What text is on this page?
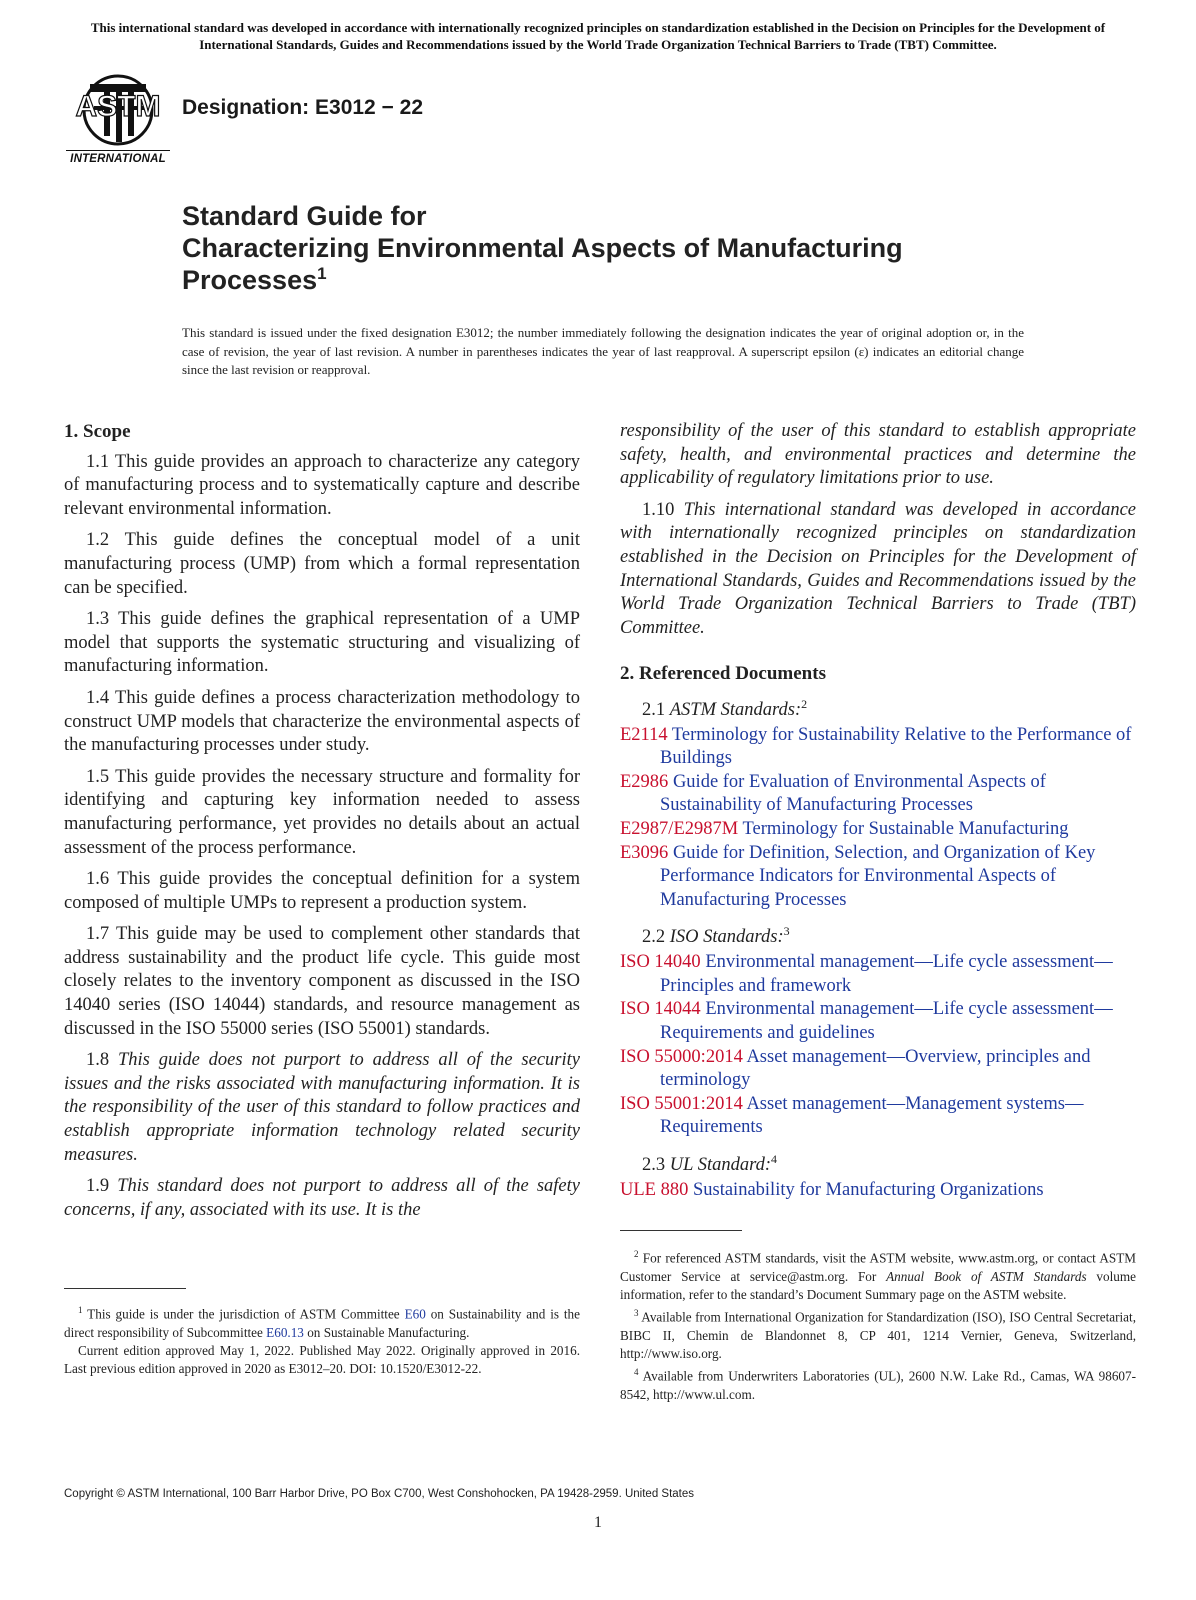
This international standard was developed in accordance with internationally recognized principles on standardization established in the Decision on Principles for the Development of International Standards, Guides and Recommendations issued by the World Trade Organization Technical Barriers to Trade (TBT) Committee.
ASTM
INTERNATIONAL
Designation: E3012 − 22
Standard Guide for
Characterizing Environmental Aspects of Manufacturing
Processes$^1$
This standard is issued under the fixed designation E3012; the number immediately following the designation indicates the year of original adoption or, in the case of revision, the year of last revision. A number in parentheses indicates the year of last reapproval. A superscript epsilon (ε) indicates an editorial change since the last revision or reapproval.
1. Scope

1.1 This guide provides an approach to characterize any category of manufacturing process and to systematically capture and describe relevant environmental information.

1.2 This guide defines the conceptual model of a unit manufacturing process (UMP) from which a formal representation can be specified.

1.3 This guide defines the graphical representation of a UMP model that supports the systematic structuring and visualizing of manufacturing information.

1.4 This guide defines a process characterization methodology to construct UMP models that characterize the environmental aspects of the manufacturing processes under study.

1.5 This guide provides the necessary structure and formality for identifying and capturing key information needed to assess manufacturing performance, yet provides no details about an actual assessment of the process performance.

1.6 This guide provides the conceptual definition for a system composed of multiple UMPs to represent a production system.

1.7 This guide may be used to complement other standards that address sustainability and the product life cycle. This guide most closely relates to the inventory component as discussed in the ISO 14040 series (ISO 14044) standards, and resource management as discussed in the ISO 55000 series (ISO 55001) standards.

1.8 This guide does not purport to address all of the security issues and the risks associated with manufacturing information. It is the responsibility of the user of this standard to follow practices and establish appropriate information technology related security measures.

1.9 This standard does not purport to address all of the safety concerns, if any, associated with its use. It is the

responsibility of the user of this standard to establish appropriate safety, health, and environmental practices and determine the applicability of regulatory limitations prior to use.

1.10 This international standard was developed in accordance with internationally recognized principles on standardization established in the Decision on Principles for the Development of International Standards, Guides and Recommendations issued by the World Trade Organization Technical Barriers to Trade (TBT) Committee.

2. Referenced Documents

2.1 ASTM Standards:$^2$

E2114 Terminology for Sustainability Relative to the Performance of Buildings

E2986 Guide for Evaluation of Environmental Aspects of Sustainability of Manufacturing Processes

E2987/E2987M Terminology for Sustainable Manufacturing

E3096 Guide for Definition, Selection, and Organization of Key Performance Indicators for Environmental Aspects of Manufacturing Processes

2.2 ISO Standards:$^3$

ISO 14040 Environmental management—Life cycle assessment—Principles and framework

ISO 14044 Environmental management—Life cycle assessment—Requirements and guidelines

ISO 55000:2014 Asset management—Overview, principles and terminology

ISO 55001:2014 Asset management—Management systems—Requirements

2.3 UL Standard:$^4$

ULE 880 Sustainability for Manufacturing Organizations

$^1$ This guide is under the jurisdiction of ASTM Committee E60 on Sustainability and is the direct responsibility of Subcommittee E60.13 on Sustainable Manufacturing.

Current edition approved May 1, 2022. Published May 2022. Originally approved in 2016. Last previous edition approved in 2020 as E3012–20. DOI: 10.1520/E3012-22.

$^2$ For referenced ASTM standards, visit the ASTM website, www.astm.org, or contact ASTM Customer Service at service@astm.org. For Annual Book of ASTM Standards volume information, refer to the standard’s Document Summary page on the ASTM website.

$^3$ Available from International Organization for Standardization (ISO), ISO Central Secretariat, BIBC II, Chemin de Blandonnet 8, CP 401, 1214 Vernier, Geneva, Switzerland, http://www.iso.org.

$^4$ Available from Underwriters Laboratories (UL), 2600 N.W. Lake Rd., Camas, WA 98607-8542, http://www.ul.com.

Copyright © ASTM International, 100 Barr Harbor Drive, PO Box C700, West Conshohocken, PA 19428-2959. United States
1
